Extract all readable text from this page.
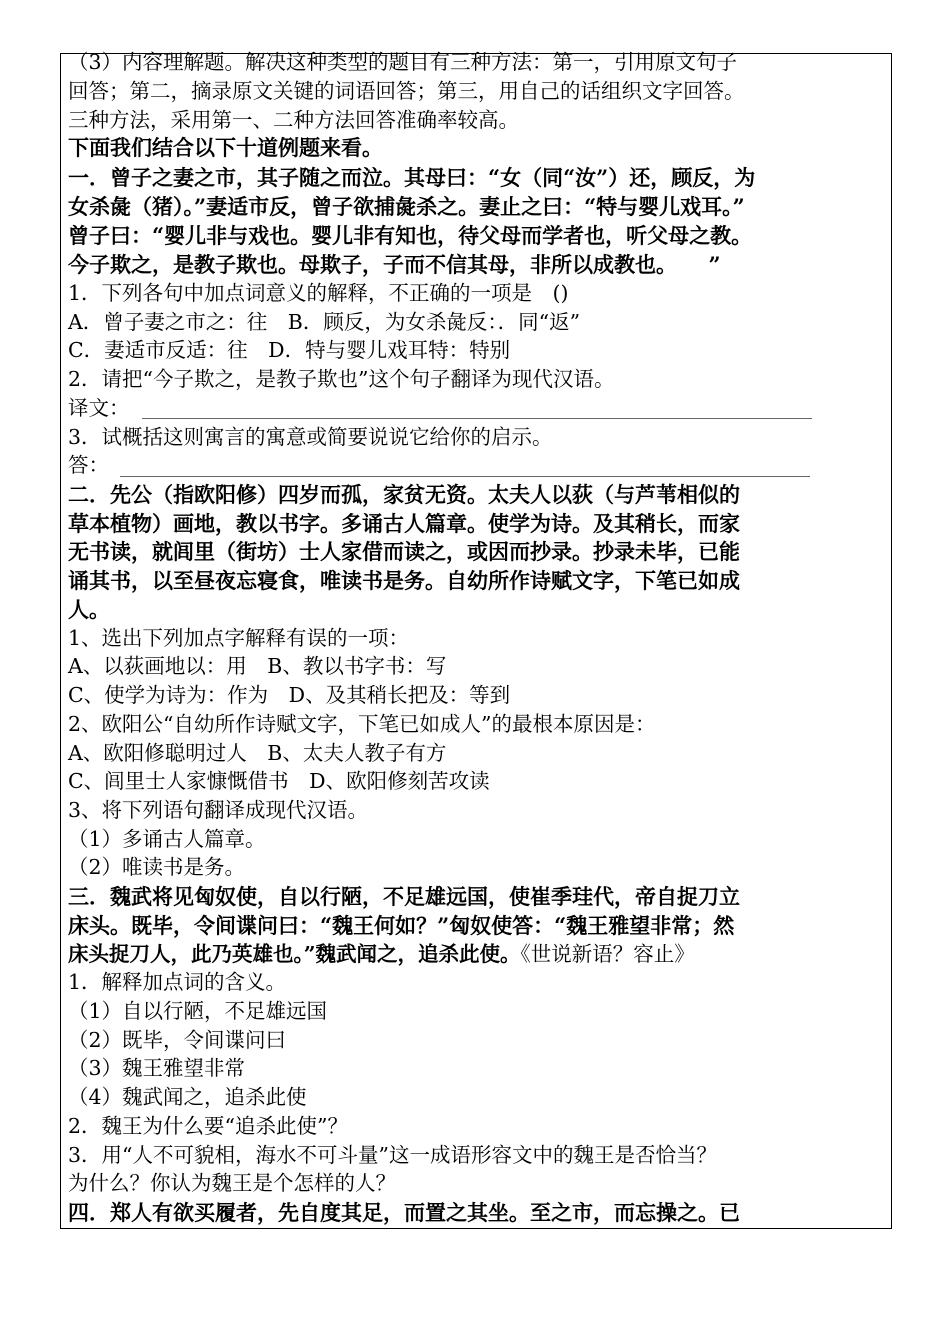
（3）内容理解题。解决这种类型的题目有三种方法：第一，引用原文句子
回答；第二，摘录原文关键的词语回答；第三，用自己的话组织文字回答。
三种方法，采用第一、二种方法回答准确率较高。
下面我们结合以下十道例题来看。
一．曾子之妻之市，其子随之而泣。其母曰：“女（同“汝”）还，顾反，为
女杀彘（猪）。”妻适市反，曾子欲捕彘杀之。妻止之曰：“特与婴儿戏耳。”
曾子曰：“婴儿非与戏也。婴儿非有知也，待父母而学者也，听父母之教。
今子欺之，是教子欺也。母欺子，子而不信其母，非所以成教也。　　”
1．下列各句中加点词意义的解释，不正确的一项是　()
A．曾子妻之市之：往　B．顾反，为女杀彘反：．同“返”
C．妻适市反适：往　D．特与婴儿戏耳特：特别
2．请把“今子欺之，是教子欺也”这个句子翻译为现代汉语。
译文：
3．试概括这则寓言的寓意或简要说说它给你的启示。
答：
二．先公（指欧阳修）四岁而孤，家贫无资。太夫人以荻（与芦苇相似的
草本植物）画地，教以书字。多诵古人篇章。使学为诗。及其稍长，而家
无书读，就闾里（街坊）士人家借而读之，或因而抄录。抄录未毕，已能
诵其书，以至昼夜忘寝食，唯读书是务。自幼所作诗赋文字，下笔已如成
人。
1、选出下列加点字解释有误的一项：
A、以荻画地以：用　B、教以书字书：写
C、使学为诗为：作为　D、及其稍长把及：等到
2、欧阳公“自幼所作诗赋文字，下笔已如成人”的最根本原因是：
A、欧阳修聪明过人　B、太夫人教子有方
C、闾里士人家慷慨借书　D、欧阳修刻苦攻读
3、将下列语句翻译成现代汉语。
（1）多诵古人篇章。
（2）唯读书是务。
三．魏武将见匈奴使，自以行陋，不足雄远国，使崔季珪代，帝自捉刀立
床头。既毕，令间谍问曰：“魏王何如？”匈奴使答：“魏王雅望非常；然
床头捉刀人，此乃英雄也。”魏武闻之，追杀此使。《世说新语？容止》
1．解释加点词的含义。
（1）自以行陋，不足雄远国
（2）既毕，令间谍问曰
（3）魏王雅望非常
（4）魏武闻之，追杀此使
2．魏王为什么要“追杀此使”？
3．用“人不可貌相，海水不可斗量”这一成语形容文中的魏王是否恰当？
为什么？你认为魏王是个怎样的人？
四．郑人有欲买履者，先自度其足，而置之其坐。至之市，而忘操之。已
